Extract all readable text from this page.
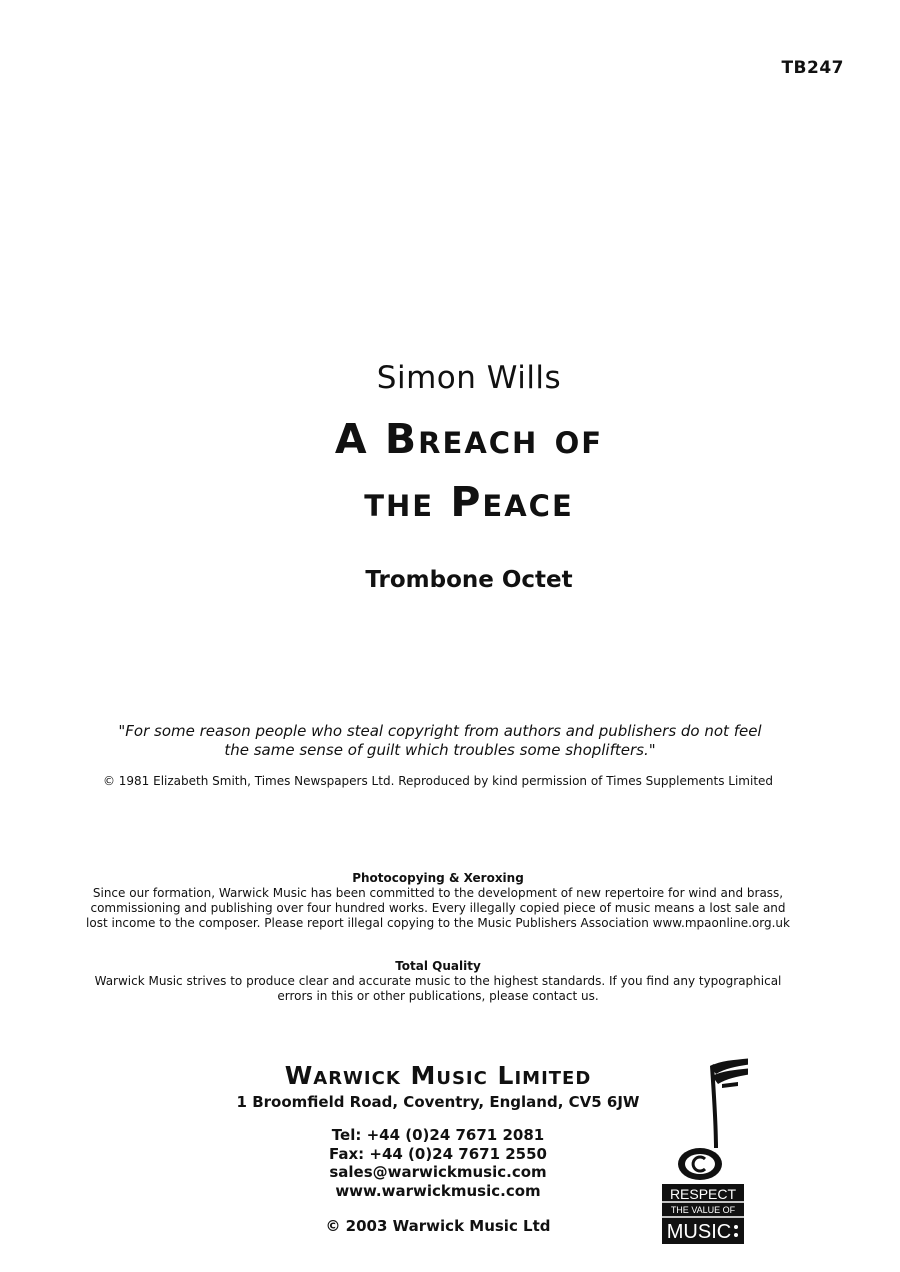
TB247
Simon Wills
A Breach of
the Peace
Trombone Octet
"For some reason people who steal copyright from authors and publishers do not feel
the same sense of guilt which troubles some shoplifters."
© 1981 Elizabeth Smith, Times Newspapers Ltd. Reproduced by kind permission of Times Supplements Limited
Photocopying & Xeroxing
Since our formation, Warwick Music has been committed to the development of new repertoire for wind and brass,
commissioning and publishing over four hundred works. Every illegally copied piece of music means a lost sale and
lost income to the composer. Please report illegal copying to the Music Publishers Association www.mpaonline.org.uk
Total Quality
Warwick Music strives to produce clear and accurate music to the highest standards. If you find any typographical
errors in this or other publications, please contact us.
Warwick Music Limited
1 Broomfield Road, Coventry, England, CV5 6JW
Tel: +44 (0)24 7671 2081
Fax: +44 (0)24 7671 2550
sales@warwickmusic.com
www.warwickmusic.com
© 2003 Warwick Music Ltd
RESPECT
THE VALUE OF
MUSIC
